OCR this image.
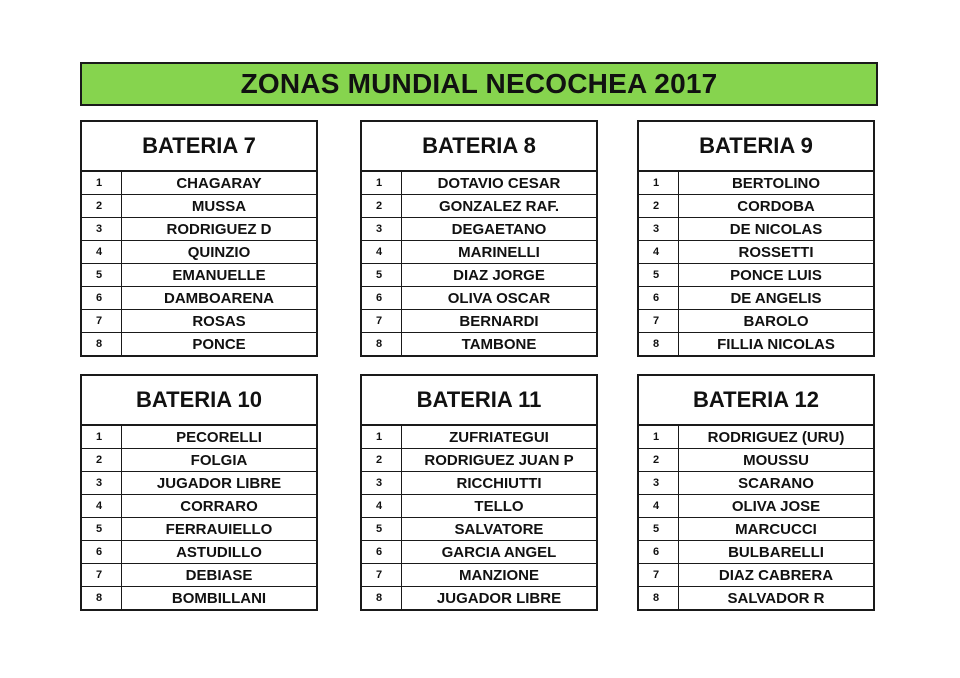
ZONAS MUNDIAL NECOCHEA 2017
BATERIA 7
1	CHAGARAY
2	MUSSA
3	RODRIGUEZ D
4	QUINZIO
5	EMANUELLE
6	DAMBOARENA
7	ROSAS
8	PONCE
BATERIA 8
1	DOTAVIO CESAR
2	GONZALEZ RAF.
3	DEGAETANO
4	MARINELLI
5	DIAZ JORGE
6	OLIVA OSCAR
7	BERNARDI
8	TAMBONE
BATERIA 9
1	BERTOLINO
2	CORDOBA
3	DE NICOLAS
4	ROSSETTI
5	PONCE LUIS
6	DE ANGELIS
7	BAROLO
8	FILLIA NICOLAS
BATERIA 10
1	PECORELLI
2	FOLGIA
3	JUGADOR LIBRE
4	CORRARO
5	FERRAUIELLO
6	ASTUDILLO
7	DEBIASE
8	BOMBILLANI
BATERIA 11
1	ZUFRIATEGUI
2	RODRIGUEZ JUAN P
3	RICCHIUTTI
4	TELLO
5	SALVATORE
6	GARCIA ANGEL
7	MANZIONE
8	JUGADOR LIBRE
BATERIA 12
1	RODRIGUEZ (URU)
2	MOUSSU
3	SCARANO
4	OLIVA JOSE
5	MARCUCCI
6	BULBARELLI
7	DIAZ CABRERA
8	SALVADOR R
